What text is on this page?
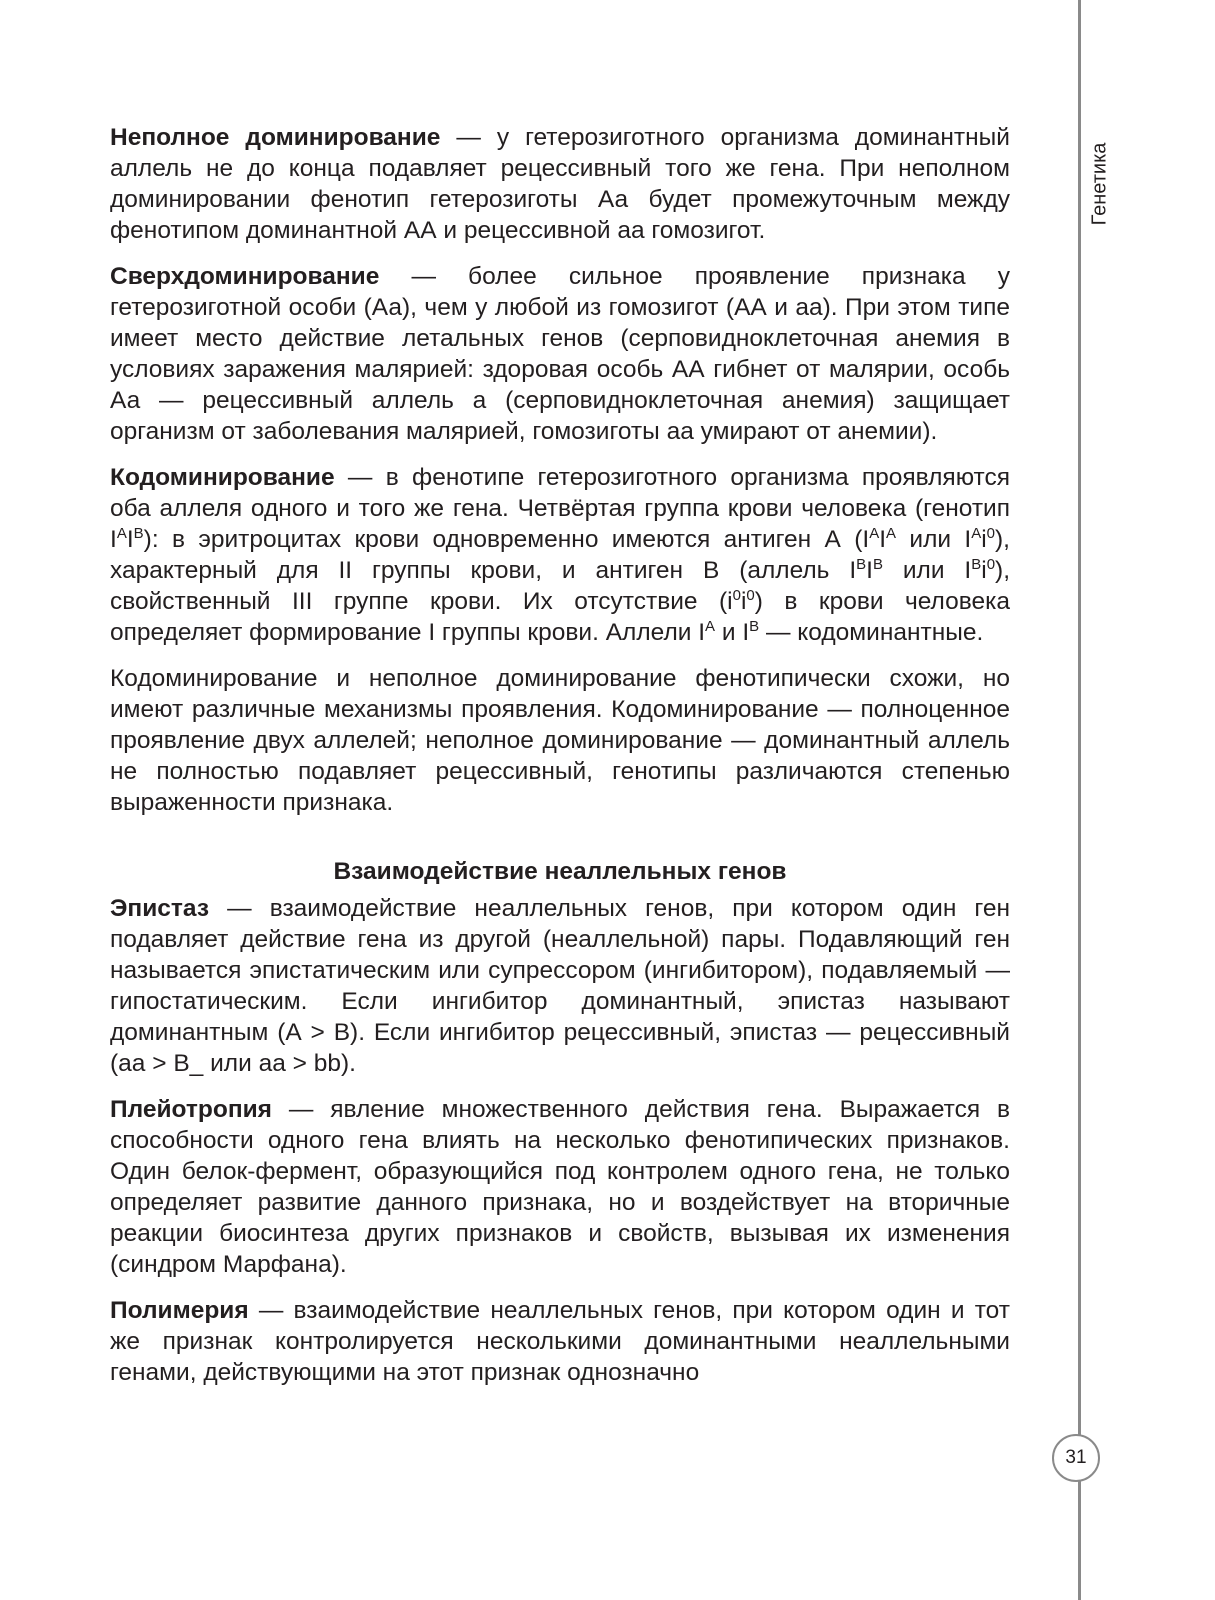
Генетика
31

Неполное доминирование — у гетерозиготного организма доминантный аллель не до конца подавляет рецессивный того же гена. При неполном доминировании фенотип гетерозиготы Аа будет промежуточным между фенотипом доминантной АА и рецессивной аа гомозигот.

Сверхдоминирование — более сильное проявление признака у гетерозиготной особи (Аа), чем у любой из гомозигот (АА и аа). При этом типе имеет место действие летальных генов (серповидноклеточная анемия в условиях заражения малярией: здоровая особь АА гибнет от малярии, особь Аа — рецессивный аллель а (серповидноклеточная анемия) защищает организм от заболевания малярией, гомозиготы аа умирают от анемии).

Кодоминирование — в фенотипе гетерозиготного организма проявляются оба аллеля одного и того же гена. Четвёртая группа крови человека (генотип $I^AI^B$): в эритроцитах крови одновременно имеются антиген А ($I^AI^A$ или $I^Ai^0$), характерный для II группы крови, и антиген В (аллель $I^BI^B$ или $I^Bi^0$), свойственный III группе крови. Их отсутствие $(i^0i^0)$ в крови человека определяет формирование I группы крови. Аллели $I^A$ и $I^B$ — кодоминантные.

Кодоминирование и неполное доминирование фенотипически схожи, но имеют различные механизмы проявления. Кодоминирование — полноценное проявление двух аллелей; неполное доминирование — доминантный аллель не полностью подавляет рецессивный, генотипы различаются степенью выраженности признака.

Взаимодействие неаллельных генов

Эпистаз — взаимодействие неаллельных генов, при котором один ген подавляет действие гена из другой (неаллельной) пары. Подавляющий ген называется эпистатическим или супрессором (ингибитором), подавляемый — гипостатическим. Если ингибитор доминантный, эпистаз называют доминантным (А > В). Если ингибитор рецессивный, эпистаз — рецессивный (аа > В_ или аа > bb).

Плейотропия — явление множественного действия гена. Выражается в способности одного гена влиять на несколько фенотипических признаков. Один белок-фермент, образующийся под контролем одного гена, не только определяет развитие данного признака, но и воздействует на вторичные реакции биосинтеза других признаков и свойств, вызывая их изменения (синдром Марфана).

Полимерия — взаимодействие неаллельных генов, при котором один и тот же признак контролируется несколькими доминантными неаллельными генами, действующими на этот признак однозначно
